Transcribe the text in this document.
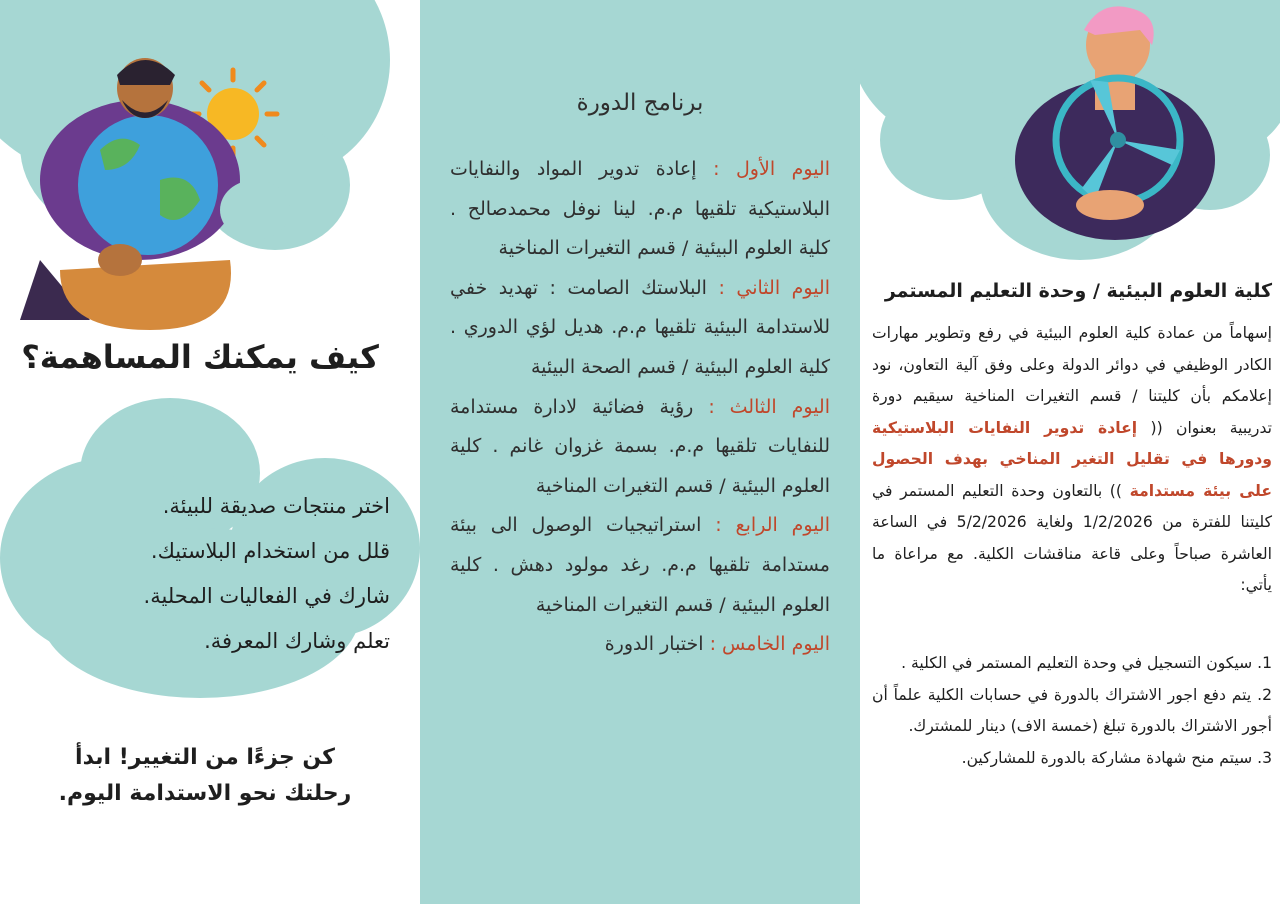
كيف يمكنك المساهمة؟
اختر منتجات صديقة للبيئة.
قلل من استخدام البلاستيك.
شارك في الفعاليات المحلية.
تعلم وشارك المعرفة.
كن جزءًا من التغيير! ابدأ
رحلتك نحو الاستدامة اليوم.
برنامج الدورة

اليوم الأول : إعادة تدوير المواد والنفايات البلاستيكية تلقيها م.م. لينا نوفل محمدصالح . كلية العلوم البيئية / قسم التغيرات المناخية

اليوم الثاني : البلاستك الصامت : تهديد خفي للاستدامة البيئية تلقيها م.م. هديل لؤي الدوري . كلية العلوم البيئية / قسم الصحة البيئية

اليوم الثالث : رؤية فضائية لادارة مستدامة للنفايات تلقيها م.م. بسمة غزوان غانم . كلية العلوم البيئية / قسم التغيرات المناخية

اليوم الرابع : استراتيجيات الوصول الى بيئة مستدامة تلقيها م.م. رغد مولود دهش . كلية العلوم البيئية / قسم التغيرات المناخية

اليوم الخامس : اختبار الدورة

كلية العلوم البيئية / وحدة التعليم المستمر

إسهاماً من عمادة كلية العلوم البيئية في رفع وتطوير مهارات الكادر الوظيفي في دوائر الدولة وعلى وفق آلية التعاون، نود إعلامكم بأن كليتنا / قسم التغيرات المناخية سيقيم دورة تدريبية بعنوان (( إعادة تدوير النفايات البلاستيكية ودورها في تقليل التغير المناخي بهدف الحصول على بيئة مستدامة )) بالتعاون وحدة التعليم المستمر في كليتنا للفترة من 1/2/2026 ولغاية 5/2/2026 في الساعة العاشرة صباحاً وعلى قاعة مناقشات الكلية. مع مراعاة ما يأتي:

1. سيكون التسجيل في وحدة التعليم المستمر في الكلية .

2. يتم دفع اجور الاشتراك بالدورة في حسابات الكلية علماً أن أجور الاشتراك بالدورة تبلغ (خمسة الاف) دينار للمشترك.

3. سيتم منح شهادة مشاركة بالدورة للمشاركين.
